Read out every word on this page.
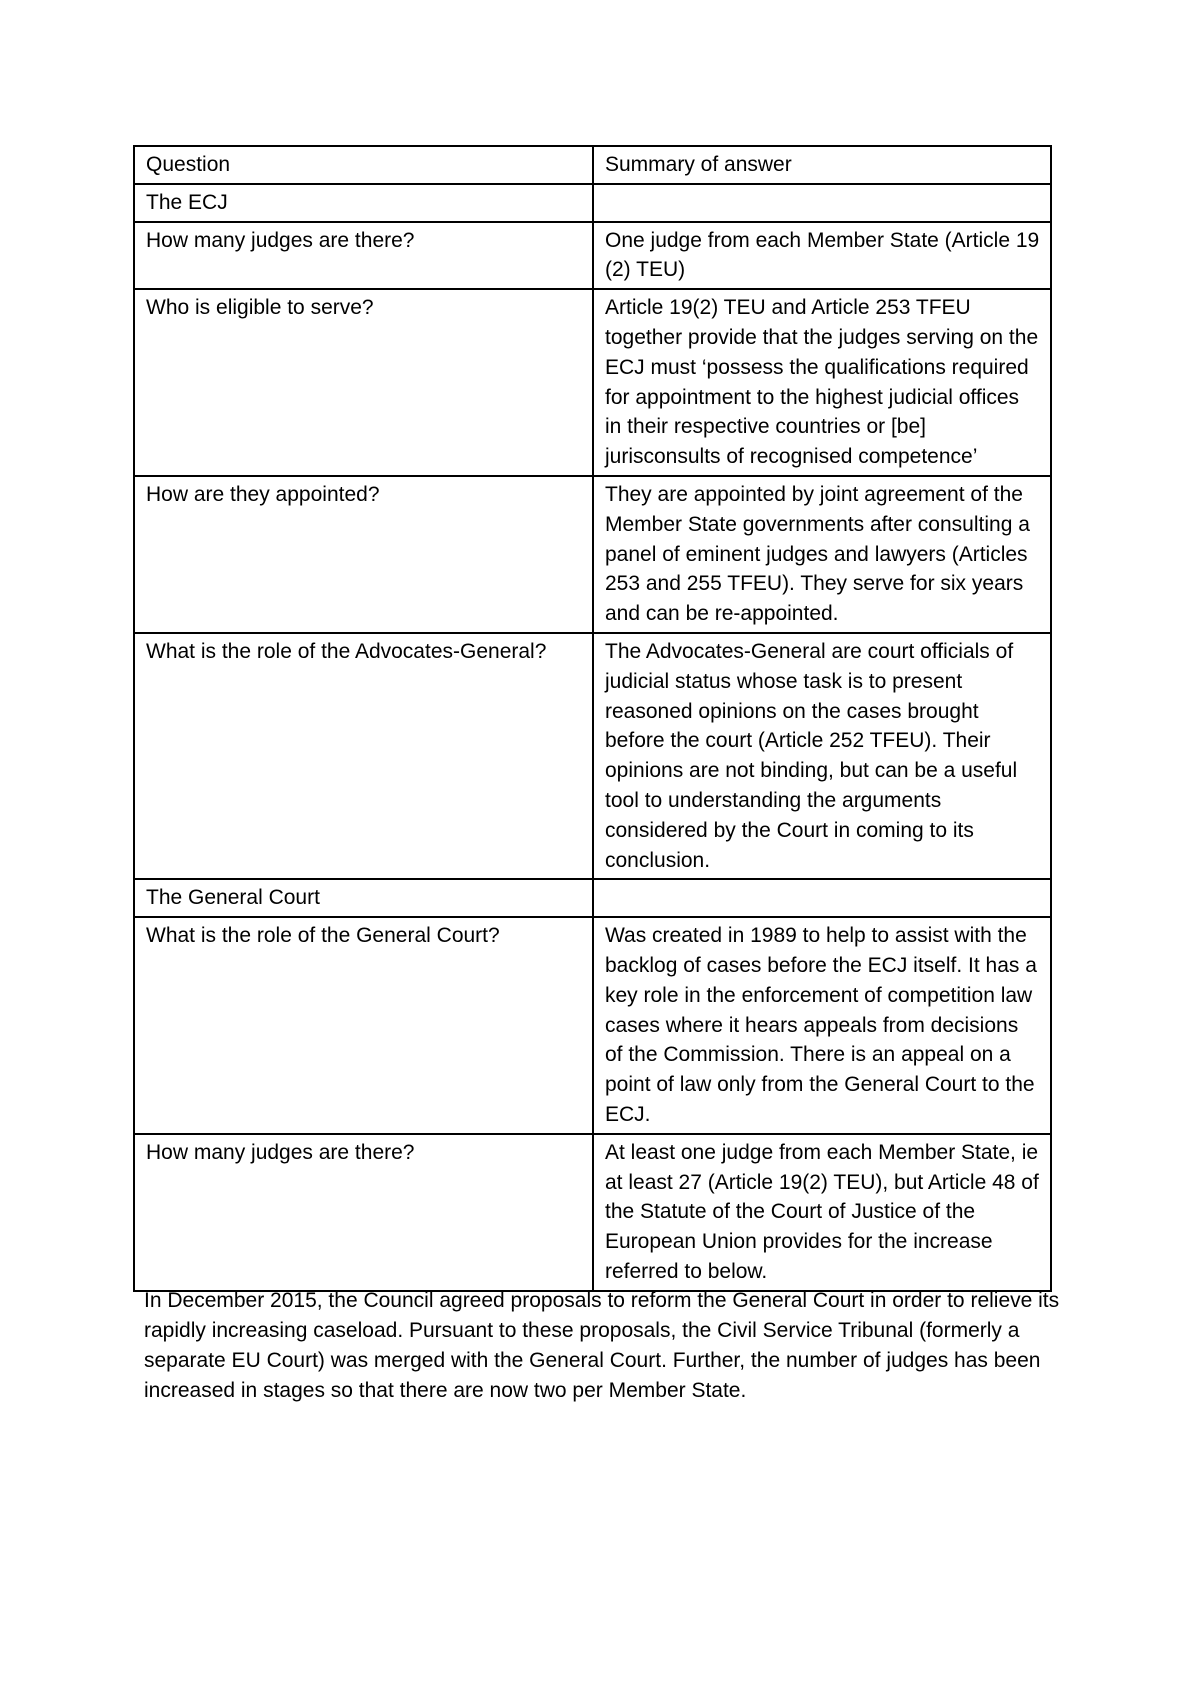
Question	Summary of answer
The ECJ	
How many judges are there?	One judge from each Member State (Article 19 (2) TEU)
Who is eligible to serve?	Article 19(2) TEU and Article 253 TFEU together provide that the judges serving on the ECJ must ‘possess the qualifications required for appointment to the highest judicial offices in their respective countries or [be] jurisconsults of recognised competence’
How are they appointed?	They are appointed by joint agreement of the Member State governments after consulting a panel of eminent judges and lawyers (Articles 253 and 255 TFEU). They serve for six years and can be re-appointed.
What is the role of the Advocates-General?	The Advocates-General are court officials of judicial status whose task is to present reasoned opinions on the cases brought before the court (Article 252 TFEU). Their opinions are not binding, but can be a useful tool to understanding the arguments considered by the Court in coming to its conclusion.
The General Court	
What is the role of the General Court?	Was created in 1989 to help to assist with the backlog of cases before the ECJ itself. It has a key role in the enforcement of competition law cases where it hears appeals from decisions of the Commission. There is an appeal on a point of law only from the General Court to the ECJ.
How many judges are there?	At least one judge from each Member State, ie at least 27 (Article 19(2) TEU), but Article 48 of the Statute of the Court of Justice of the European Union provides for the increase referred to below.

In December 2015, the Council agreed proposals to reform the General Court in order to relieve its rapidly increasing caseload. Pursuant to these proposals, the Civil Service Tribunal (formerly a separate EU Court) was merged with the General Court. Further, the number of judges has been increased in stages so that there are now two per Member State.
